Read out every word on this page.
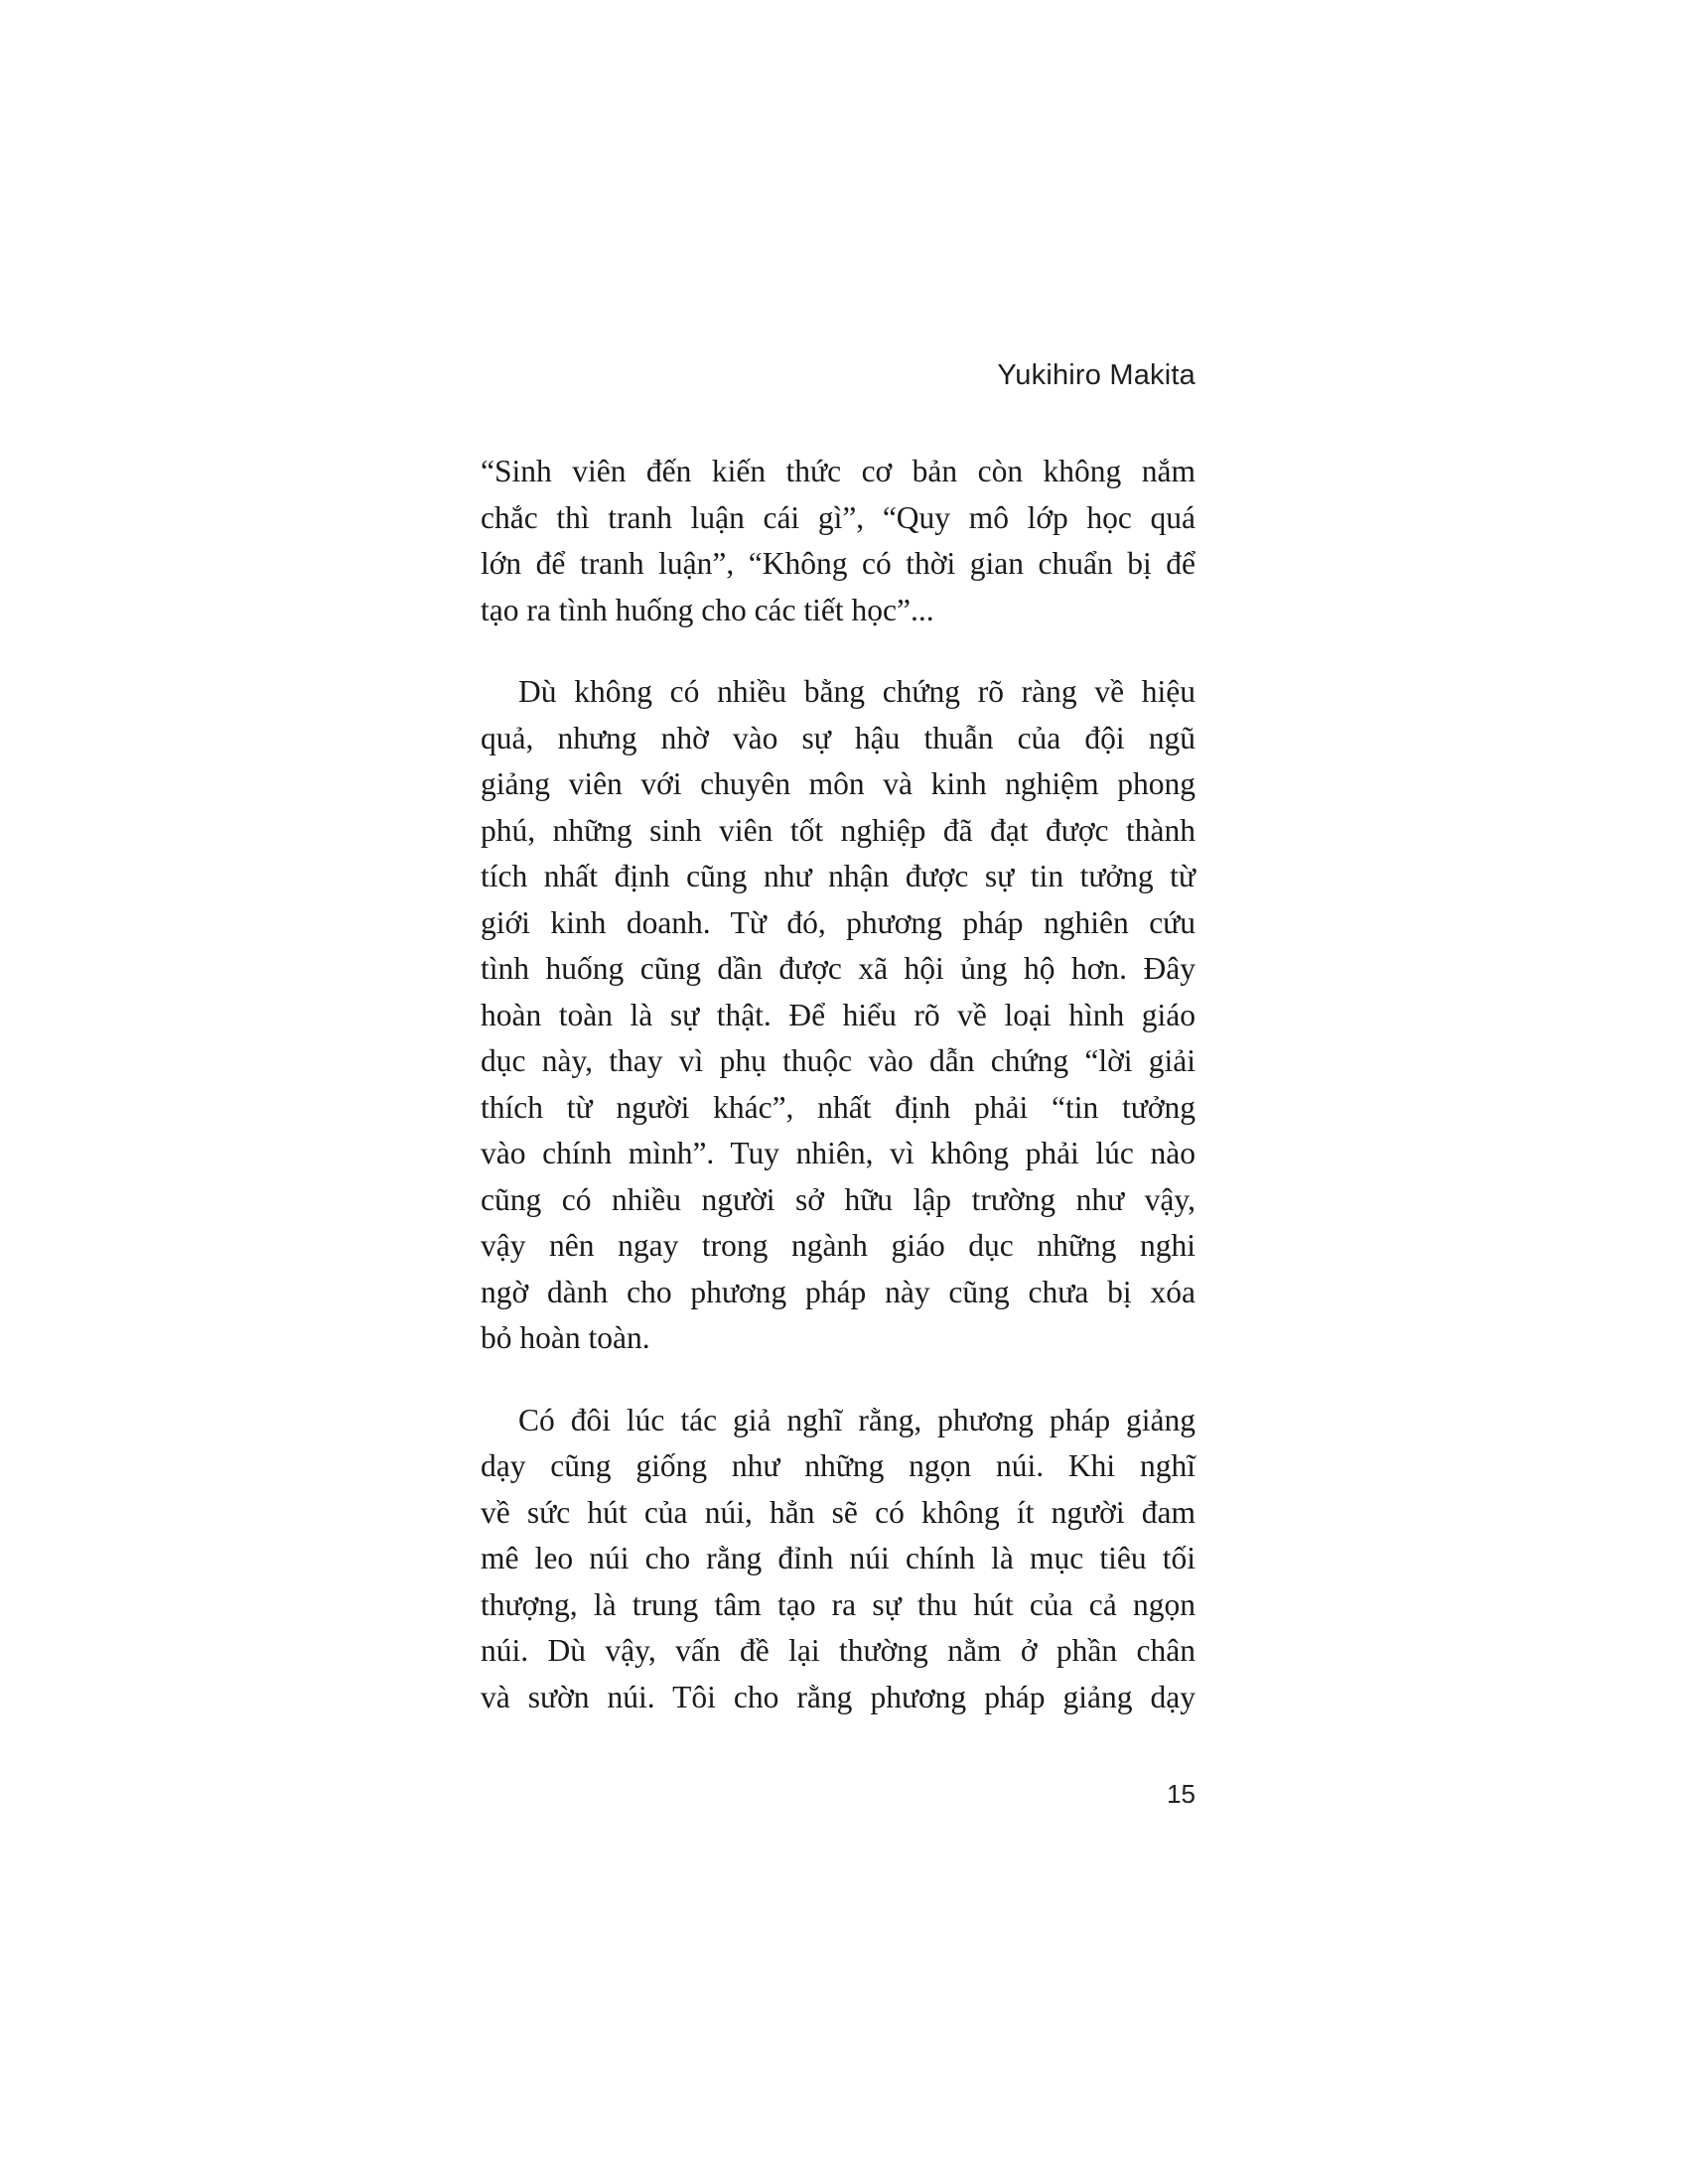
Yukihiro Makita

“Sinh viên đến kiến thức cơ bản còn không nắm
chắc thì tranh luận cái gì”, “Quy mô lớp học quá
lớn để tranh luận”, “Không có thời gian chuẩn bị để
tạo ra tình huống cho các tiết học”...

Dù không có nhiều bằng chứng rõ ràng về hiệu
quả, nhưng nhờ vào sự hậu thuẫn của đội ngũ
giảng viên với chuyên môn và kinh nghiệm phong
phú, những sinh viên tốt nghiệp đã đạt được thành
tích nhất định cũng như nhận được sự tin tưởng từ
giới kinh doanh. Từ đó, phương pháp nghiên cứu
tình huống cũng dần được xã hội ủng hộ hơn. Đây
hoàn toàn là sự thật. Để hiểu rõ về loại hình giáo
dục này, thay vì phụ thuộc vào dẫn chứng “lời giải
thích từ người khác”, nhất định phải “tin tưởng
vào chính mình”. Tuy nhiên, vì không phải lúc nào
cũng có nhiều người sở hữu lập trường như vậy,
vậy nên ngay trong ngành giáo dục những nghi
ngờ dành cho phương pháp này cũng chưa bị xóa
bỏ hoàn toàn.

Có đôi lúc tác giả nghĩ rằng, phương pháp giảng
dạy cũng giống như những ngọn núi. Khi nghĩ
về sức hút của núi, hẳn sẽ có không ít người đam
mê leo núi cho rằng đỉnh núi chính là mục tiêu tối
thượng, là trung tâm tạo ra sự thu hút của cả ngọn
núi. Dù vậy, vấn đề lại thường nằm ở phần chân
và sườn núi. Tôi cho rằng phương pháp giảng dạy

15
